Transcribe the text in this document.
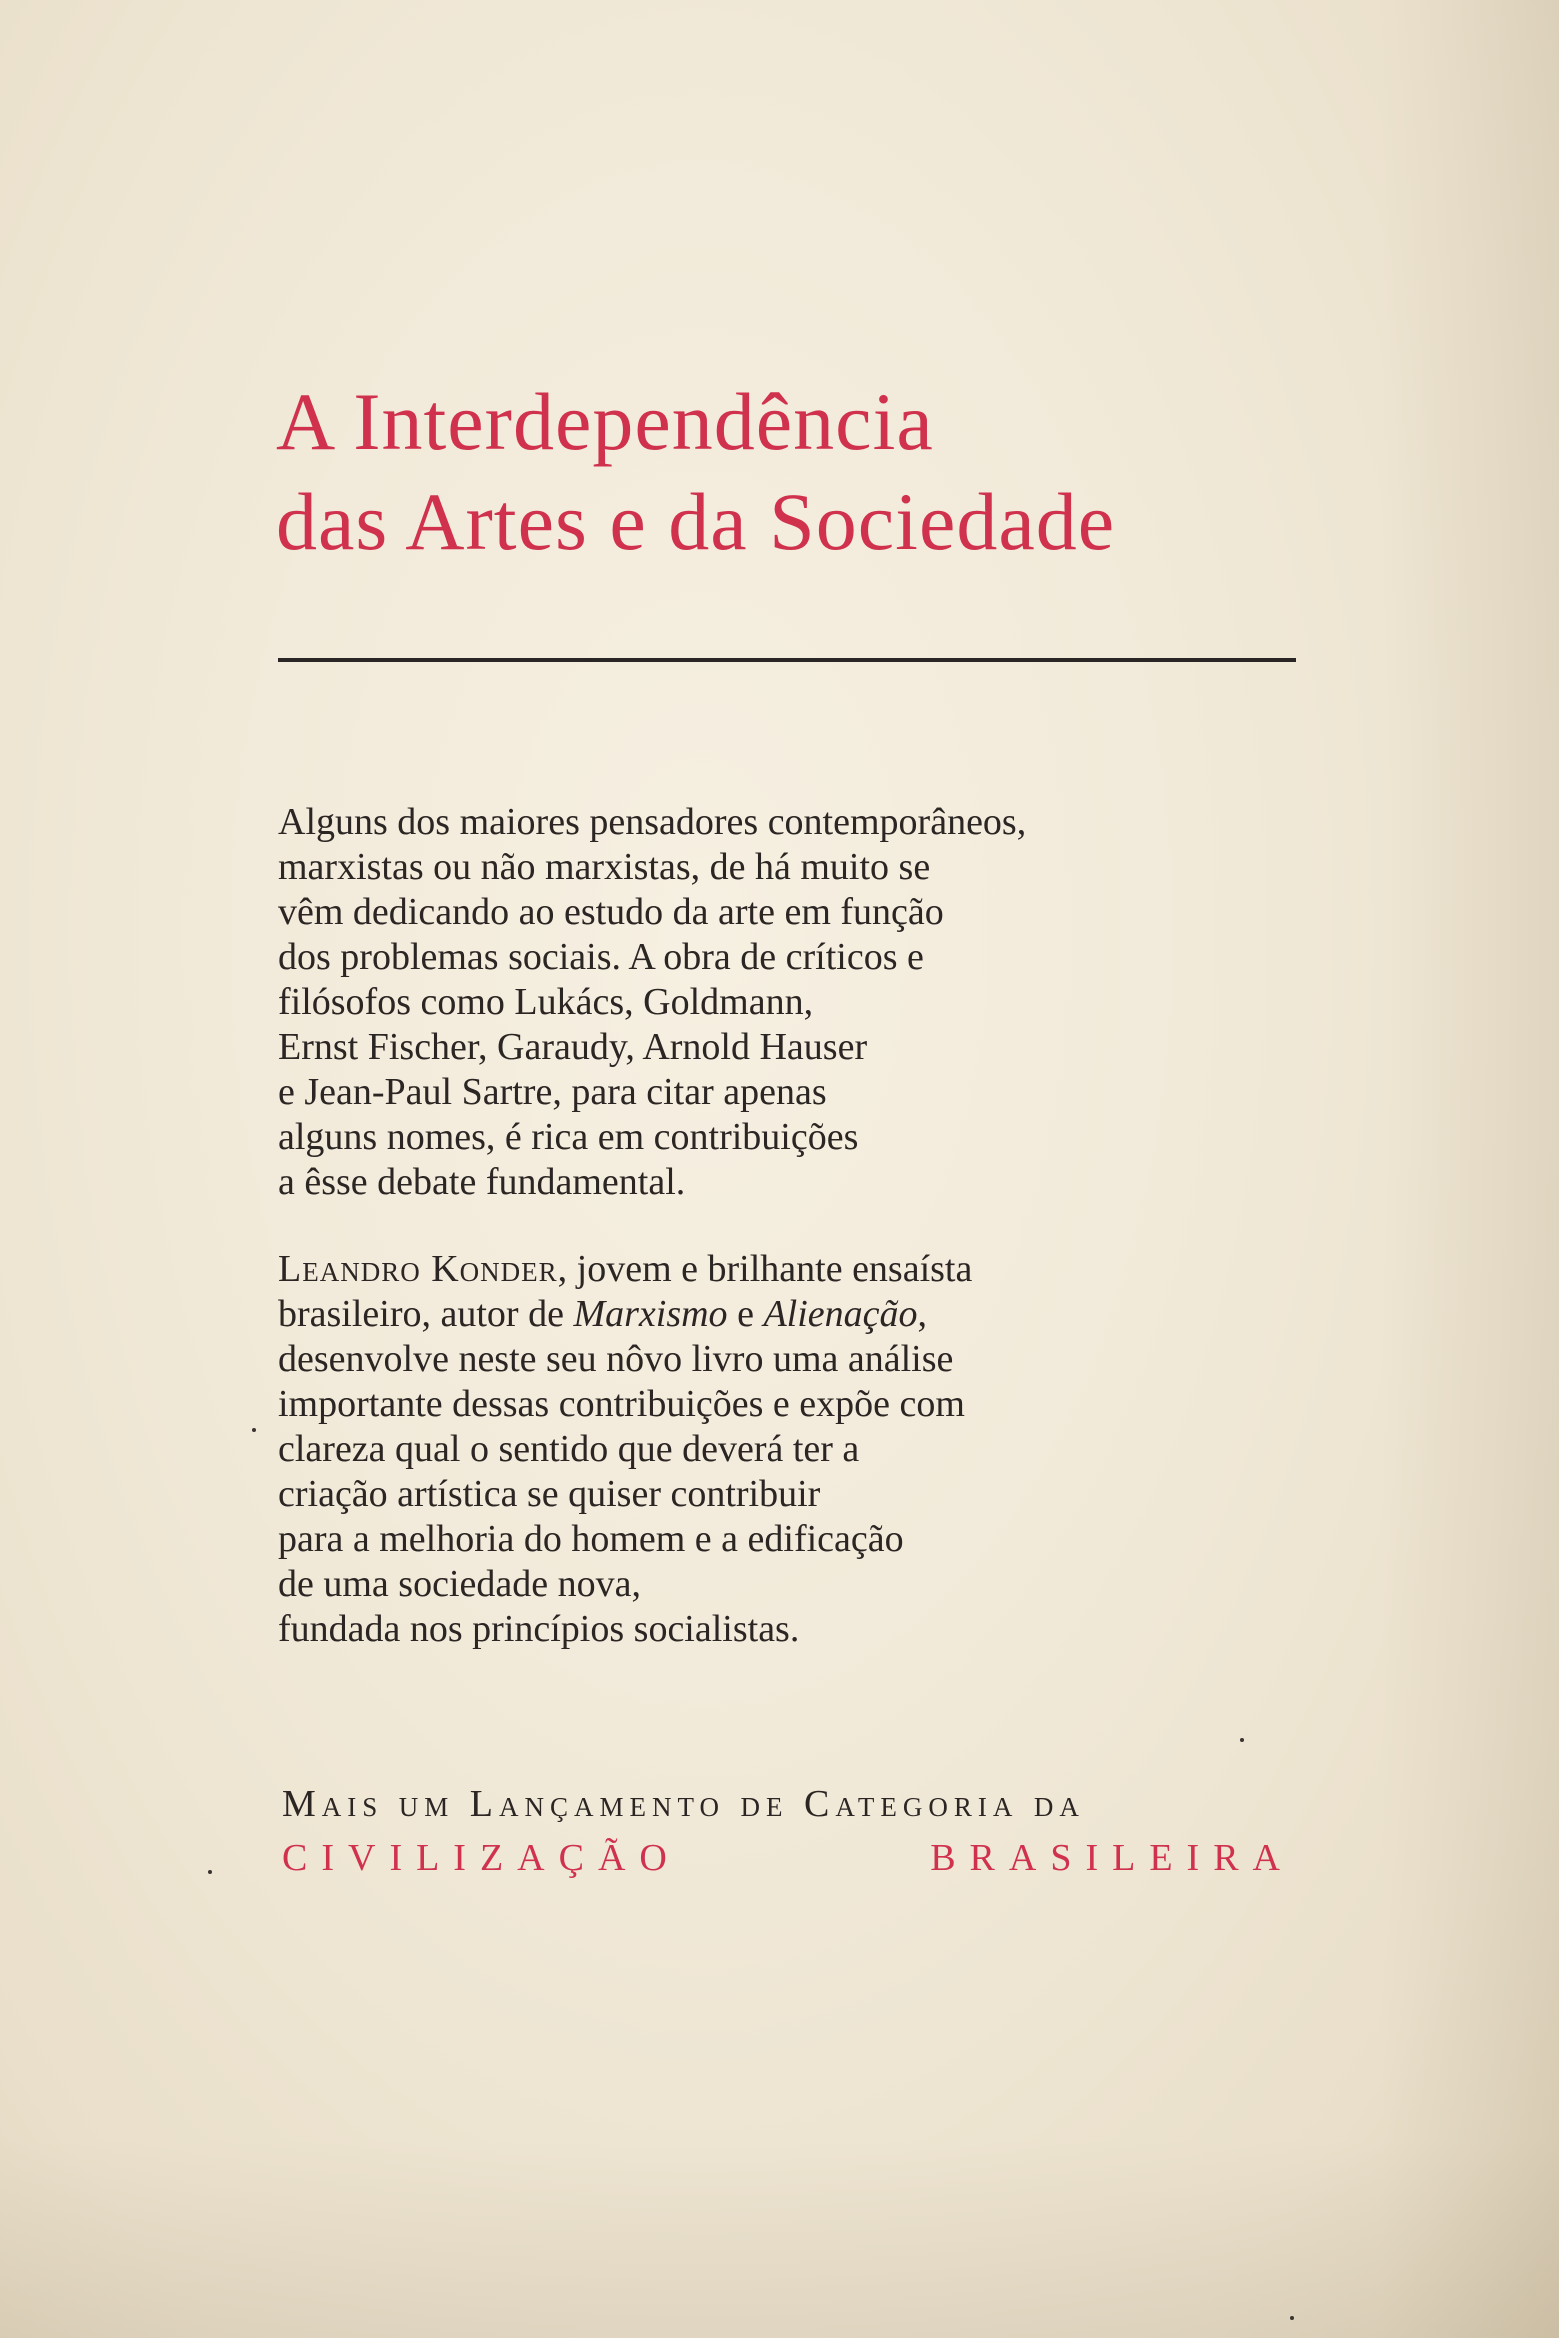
A Interdependência
das Artes e da Sociedade
Alguns dos maiores pensadores contemporâneos,
marxistas ou não marxistas, de há muito se
vêm dedicando ao estudo da arte em função
dos problemas sociais. A obra de críticos e
filósofos como Lukács, Goldmann,
Ernst Fischer, Garaudy, Arnold Hauser
e Jean-Paul Sartre, para citar apenas
alguns nomes, é rica em contribuições
a êsse debate fundamental.
Leandro Konder, jovem e brilhante ensaísta
brasileiro, autor de Marxismo e Alienação,
desenvolve neste seu nôvo livro uma análise
importante dessas contribuições e expõe com
clareza qual o sentido que deverá ter a
criação artística se quiser contribuir
para a melhoria do homem e a edificação
de uma sociedade nova,
fundada nos princípios socialistas.
Mais um Lançamento de Categoria da
CIVILIZAÇÃO	BRASILEIRA
